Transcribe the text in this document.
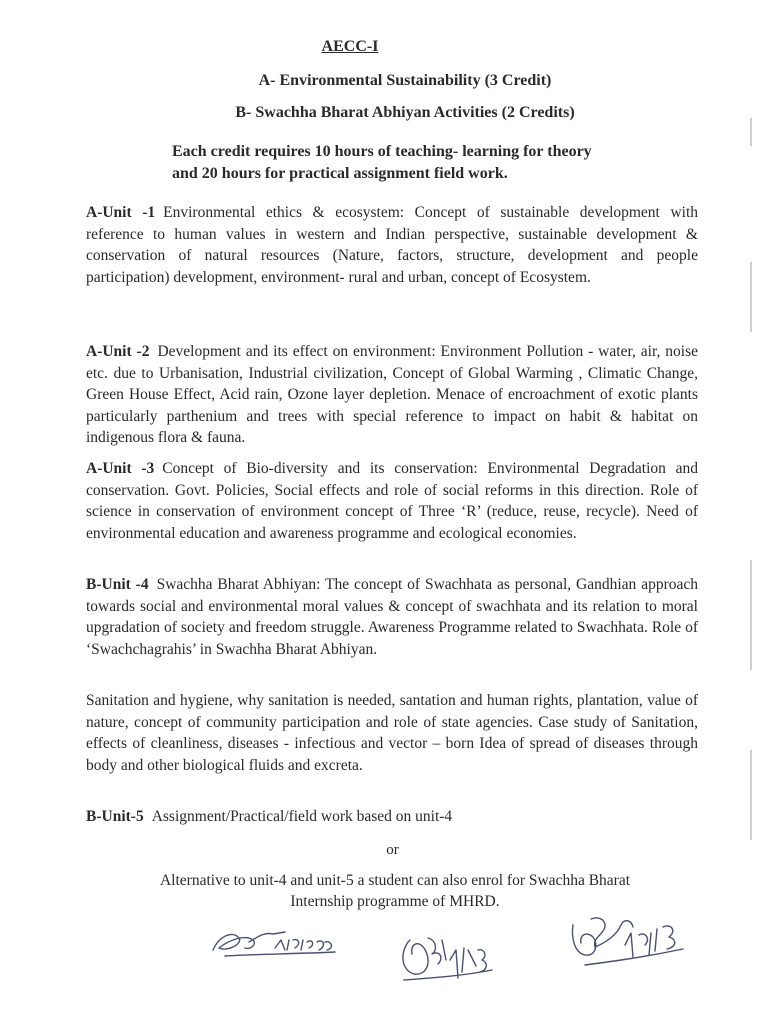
AECC-I
A- Environmental Sustainability (3 Credit)
B- Swachha Bharat Abhiyan Activities (2 Credits)
Each credit requires 10 hours of teaching- learning for theory
and 20 hours for practical assignment field work.
A-Unit -1 Environmental ethics & ecosystem: Concept of sustainable development with reference to human values in western and Indian perspective, sustainable development & conservation of natural resources (Nature, factors, structure, development and people participation) development, environment- rural and urban, concept of Ecosystem.
A-Unit -2 Development and its effect on environment: Environment Pollution - water, air, noise etc. due to Urbanisation, Industrial civilization, Concept of Global Warming , Climatic Change, Green House Effect, Acid rain, Ozone layer depletion. Menace of encroachment of exotic plants particularly parthenium and trees with special reference to impact on habit & habitat on indigenous flora & fauna.
A-Unit -3 Concept of Bio-diversity and its conservation: Environmental Degradation and conservation. Govt. Policies, Social effects and role of social reforms in this direction. Role of science in conservation of environment concept of Three ‘R’ (reduce, reuse, recycle). Need of environmental education and awareness programme and ecological economies.
B-Unit -4 Swachha Bharat Abhiyan: The concept of Swachhata as personal, Gandhian approach towards social and environmental moral values & concept of swachhata and its relation to moral upgradation of society and freedom struggle. Awareness Programme related to Swachhata. Role of ‘Swachchagrahis’ in Swachha Bharat Abhiyan.
Sanitation and hygiene, why sanitation is needed, santation and human rights, plantation, value of nature, concept of community participation and role of state agencies. Case study of Sanitation, effects of cleanliness, diseases - infectious and vector – born Idea of spread of diseases through body and other biological fluids and excreta.
B-Unit-5 Assignment/Practical/field work based on unit-4
or
Alternative to unit-4 and unit-5 a student can also enrol for Swachha Bharat
Internship programme of MHRD.
